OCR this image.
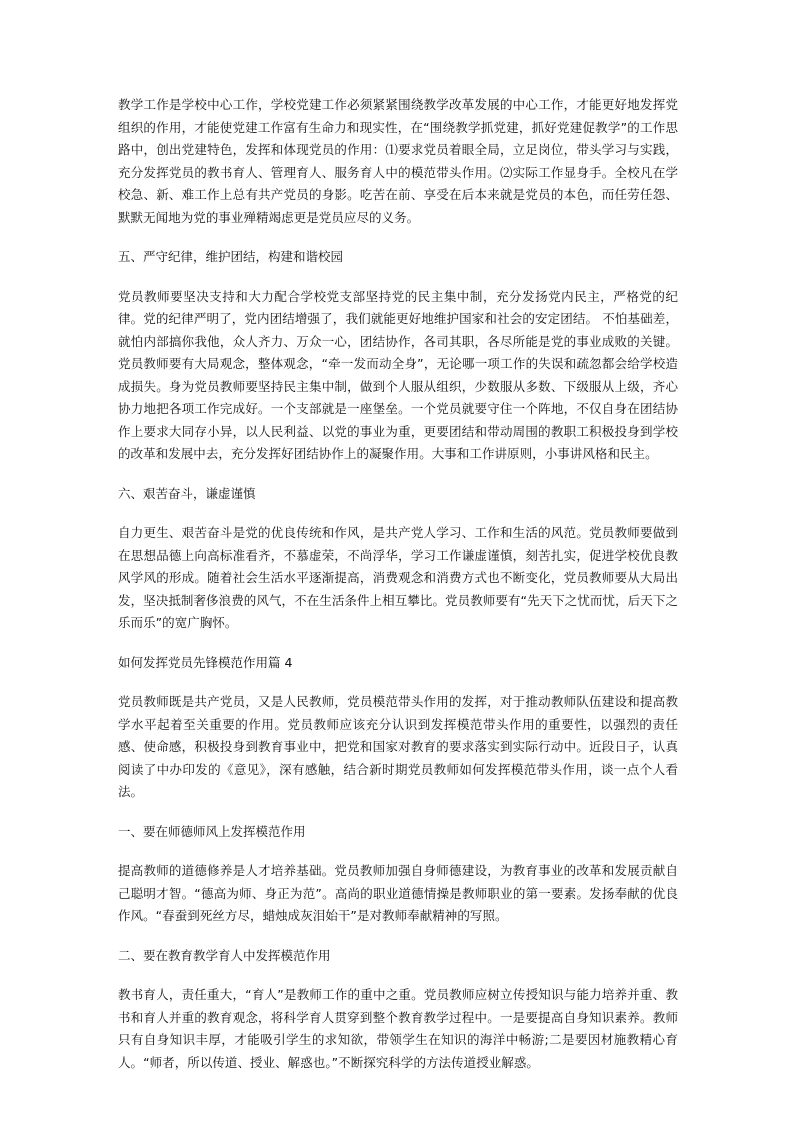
教学工作是学校中心工作，学校党建工作必须紧紧围绕教学改革发展的中心工作，才能更好地发挥党组织的作用，才能使党建工作富有生命力和现实性，在“围绕教学抓党建，抓好党建促教学”的工作思路中，创出党建特色，发挥和体现党员的作用：⑴要求党员着眼全局，立足岗位，带头学习与实践，充分发挥党员的教书育人、管理育人、服务育人中的模范带头作用。⑵实际工作显身手。全校凡在学校急、新、难工作上总有共产党员的身影。吃苦在前、享受在后本来就是党员的本色，而任劳任怨、默默无闻地为党的事业殚精竭虑更是党员应尽的义务。

五、严守纪律，维护团结，构建和谐校园

党员教师要坚决支持和大力配合学校党支部坚持党的民主集中制，充分发扬党内民主，严格党的纪律。党的纪律严明了，党内团结增强了，我们就能更好地维护国家和社会的安定团结。 不怕基础差，就怕内部搞你我他，众人齐力、万众一心，团结协作，各司其职，各尽所能是党的事业成败的关键。党员教师要有大局观念，整体观念，“牵一发而动全身”，无论哪一项工作的失误和疏忽都会给学校造成损失。身为党员教师要坚持民主集中制，做到个人服从组织，少数服从多数、下级服从上级，齐心协力地把各项工作完成好。一个支部就是一座堡垒。一个党员就要守住一个阵地，不仅自身在团结协作上要求大同存小异，以人民利益、以党的事业为重，更要团结和带动周围的教职工积极投身到学校的改革和发展中去，充分发挥好团结协作上的凝聚作用。大事和工作讲原则，小事讲风格和民主。

六、艰苦奋斗，谦虚谨慎

自力更生、艰苦奋斗是党的优良传统和作风，是共产党人学习、工作和生活的风范。党员教师要做到在思想品德上向高标准看齐，不慕虚荣，不尚浮华，学习工作谦虚谨慎，刻苦扎实，促进学校优良教风学风的形成。随着社会生活水平逐渐提高，消费观念和消费方式也不断变化，党员教师要从大局出发，坚决抵制奢侈浪费的风气，不在生活条件上相互攀比。党员教师要有“先天下之忧而忧，后天下之乐而乐”的宽广胸怀。

如何发挥党员先锋模范作用篇 4

党员教师既是共产党员，又是人民教师，党员模范带头作用的发挥，对于推动教师队伍建设和提高教学水平起着至关重要的作用。党员教师应该充分认识到发挥模范带头作用的重要性，以强烈的责任感、使命感，积极投身到教育事业中，把党和国家对教育的要求落实到实际行动中。近段日子，认真阅读了中办印发的《意见》，深有感触，结合新时期党员教师如何发挥模范带头作用，谈一点个人看法。

一、要在师德师风上发挥模范作用

提高教师的道德修养是人才培养基础。党员教师加强自身师德建设，为教育事业的改革和发展贡献自己聪明才智。“德高为师、身正为范”。高尚的职业道德情操是教师职业的第一要素。发扬奉献的优良作风。“春蚕到死丝方尽，蜡烛成灰泪始干”是对教师奉献精神的写照。

二、要在教育教学育人中发挥模范作用

教书育人，责任重大，“育人”是教师工作的重中之重。党员教师应树立传授知识与能力培养并重、教书和育人并重的教育观念，将科学育人贯穿到整个教育教学过程中。一是要提高自身知识素养。教师只有自身知识丰厚，才能吸引学生的求知欲，带领学生在知识的海洋中畅游;二是要因材施教精心育人。“师者，所以传道、授业、解惑也。”不断探究科学的方法传道授业解惑。
